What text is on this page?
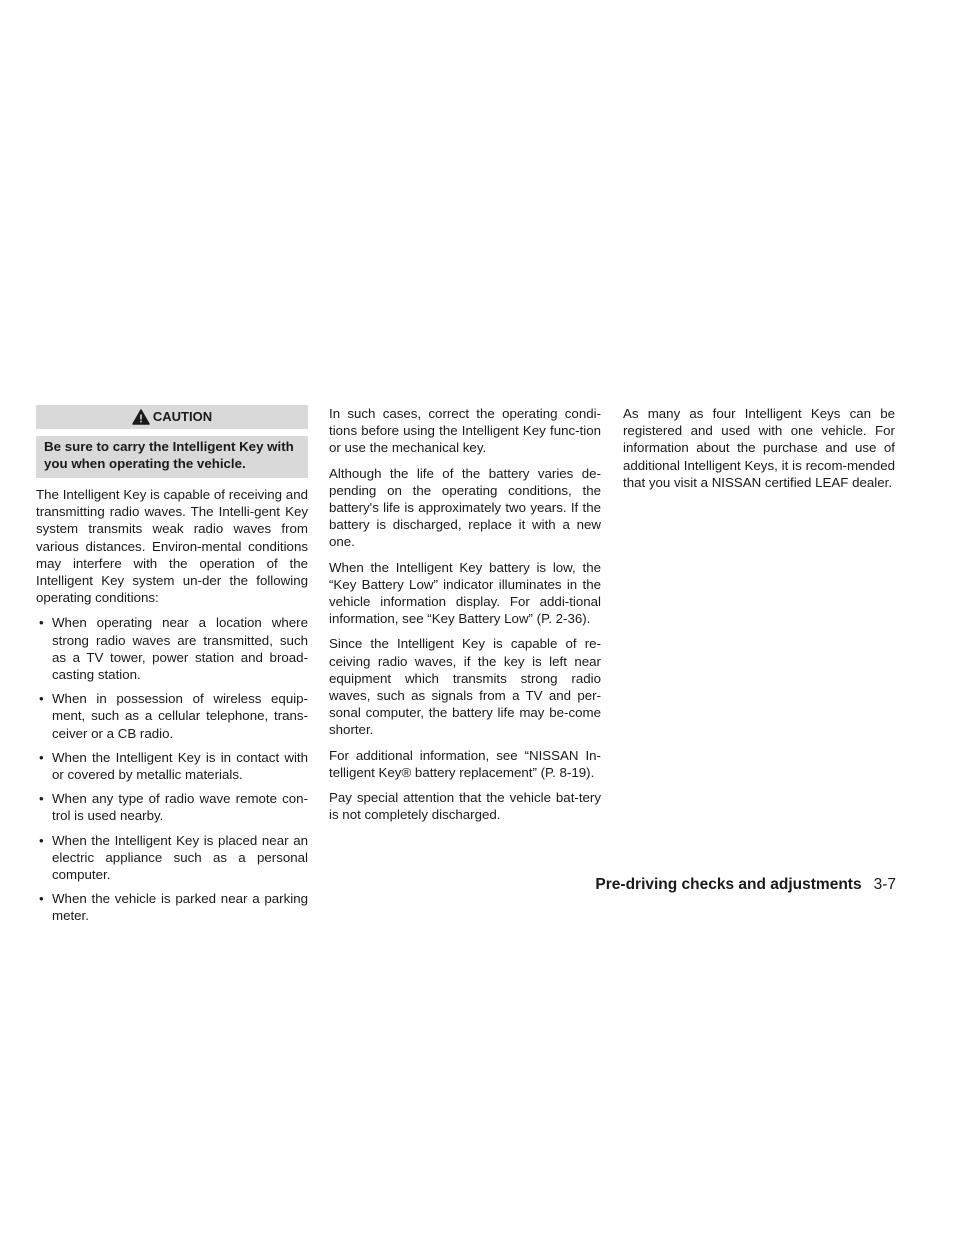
CAUTION
Be sure to carry the Intelligent Key with you when operating the vehicle.

The Intelligent Key is capable of receiving and transmitting radio waves. The Intelli-gent Key system transmits weak radio waves from various distances. Environ-mental conditions may interfere with the operation of the Intelligent Key system un-der the following operating conditions:

• When operating near a location where strong radio waves are transmitted, such as a TV tower, power station and broad-casting station.
• When in possession of wireless equip-ment, such as a cellular telephone, trans-ceiver or a CB radio.
• When the Intelligent Key is in contact with or covered by metallic materials.
• When any type of radio wave remote con-trol is used nearby.
• When the Intelligent Key is placed near an electric appliance such as a personal computer.
• When the vehicle is parked near a parking meter.

In such cases, correct the operating condi-tions before using the Intelligent Key func-tion or use the mechanical key.

Although the life of the battery varies de-pending on the operating conditions, the battery's life is approximately two years. If the battery is discharged, replace it with a new one.

When the Intelligent Key battery is low, the “Key Battery Low” indicator illuminates in the vehicle information display. For addi-tional information, see “Key Battery Low” (P. 2-36).

Since the Intelligent Key is capable of re-ceiving radio waves, if the key is left near equipment which transmits strong radio waves, such as signals from a TV and per-sonal computer, the battery life may be-come shorter.

For additional information, see “NISSAN In-telligent Key® battery replacement” (P. 8-19).

Pay special attention that the vehicle bat-tery is not completely discharged.

As many as four Intelligent Keys can be registered and used with one vehicle. For information about the purchase and use of additional Intelligent Keys, it is recom-mended that you visit a NISSAN certified LEAF dealer.

Pre-driving checks and adjustments 3-7
